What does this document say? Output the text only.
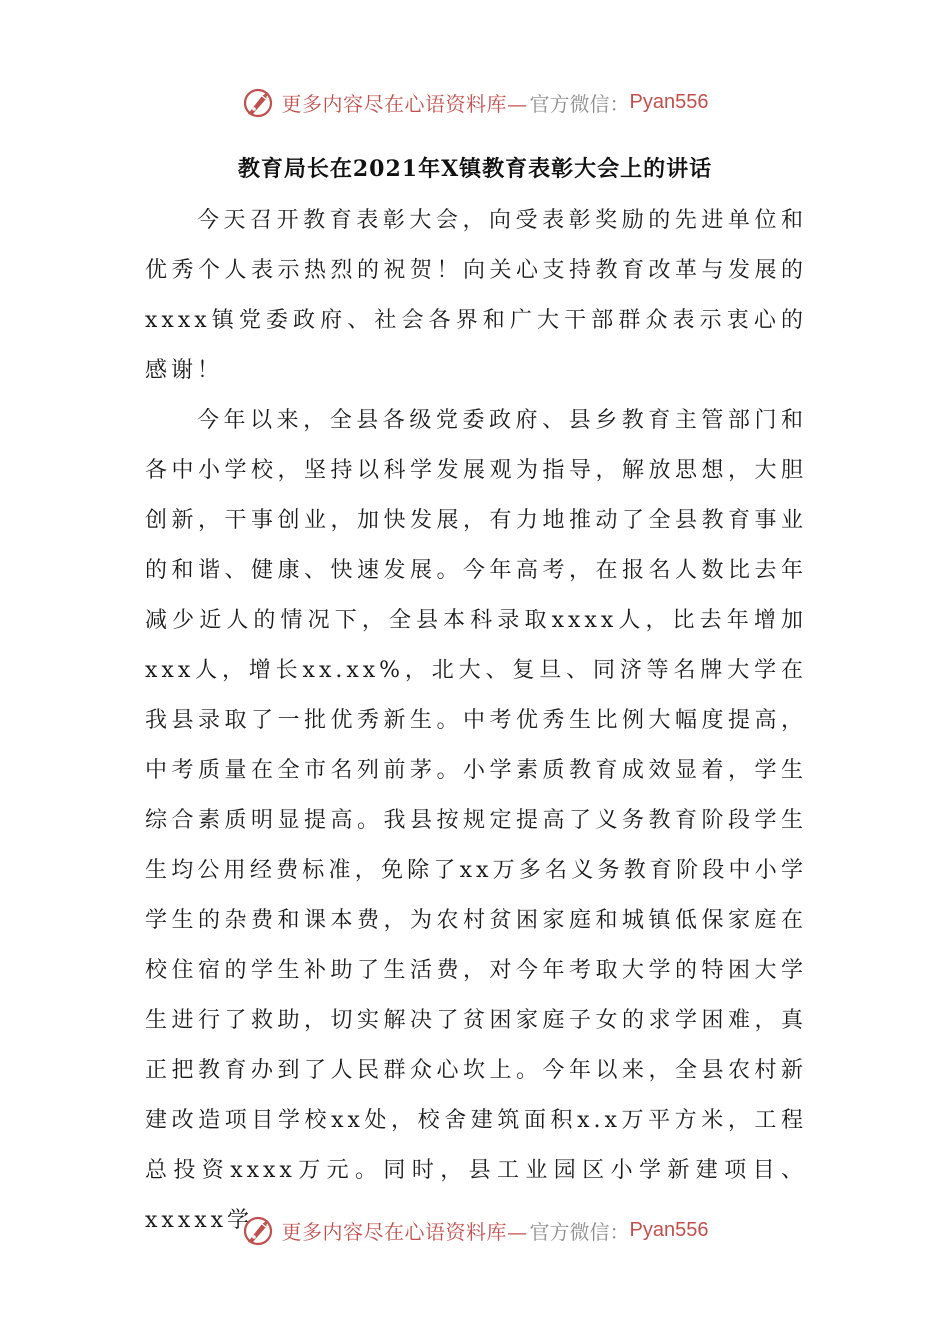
更多内容尽在心语资料库— 官方微信： Pyan556
教育局长在2021年X镇教育表彰大会上的讲话

今天召开教育表彰大会，向受表彰奖励的先进单位和优秀个人表示热烈的祝贺！向关心支持教育改革与发展的xxxx镇党委政府、社会各界和广大干部群众表示衷心的感谢！

今年以来，全县各级党委政府、县乡教育主管部门和各中小学校，坚持以科学发展观为指导，解放思想，大胆创新，干事创业，加快发展，有力地推动了全县教育事业的和谐、健康、快速发展。今年高考，在报名人数比去年减少近人的情况下，全县本科录取xxxx人，比去年增加xxx人，增长xx.xx%，北大、复旦、同济等名牌大学在我县录取了一批优秀新生。中考优秀生比例大幅度提高，中考质量在全市名列前茅。小学素质教育成效显着，学生综合素质明显提高。我县按规定提高了义务教育阶段学生生均公用经费标准，免除了xx万多名义务教育阶段中小学学生的杂费和课本费，为农村贫困家庭和城镇低保家庭在校住宿的学生补助了生活费，对今年考取大学的特困大学生进行了救助，切实解决了贫困家庭子女的求学困难，真正把教育办到了人民群众心坎上。今年以来，全县农村新建改造项目学校xx处，校舍建筑面积x.x万平方米，工程总投资xxxx万元。同时，县工业园区小学新建项目、xxxxx学	更多内容尽在心语资料库— 官方微信： Pyan556
